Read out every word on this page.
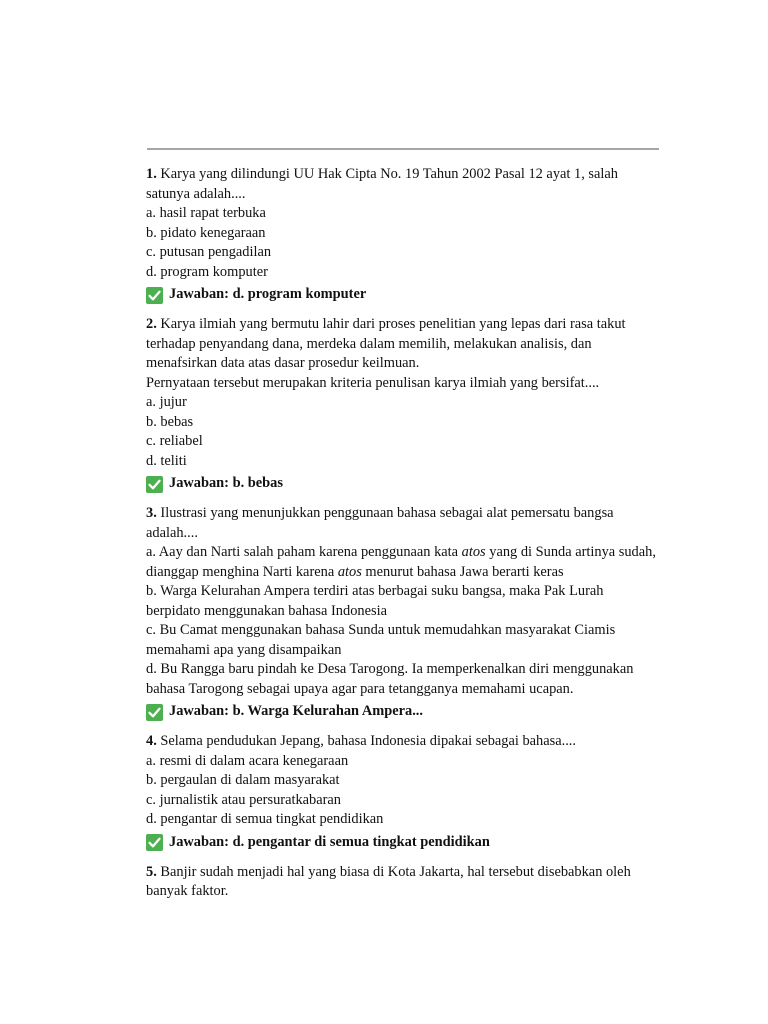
1. Karya yang dilindungi UU Hak Cipta No. 19 Tahun 2002 Pasal 12 ayat 1, salah satunya adalah....
a. hasil rapat terbuka
b. pidato kenegaraan
c. putusan pengadilan
d. program komputer
Jawaban: d. program komputer
2. Karya ilmiah yang bermutu lahir dari proses penelitian yang lepas dari rasa takut terhadap penyandang dana, merdeka dalam memilih, melakukan analisis, dan menafsirkan data atas dasar prosedur keilmuan.
Pernyataan tersebut merupakan kriteria penulisan karya ilmiah yang bersifat....
a. jujur
b. bebas
c. reliabel
d. teliti
Jawaban: b. bebas
3. Ilustrasi yang menunjukkan penggunaan bahasa sebagai alat pemersatu bangsa adalah....
a. Aay dan Narti salah paham karena penggunaan kata atos yang di Sunda artinya sudah, dianggap menghina Narti karena atos menurut bahasa Jawa berarti keras
b. Warga Kelurahan Ampera terdiri atas berbagai suku bangsa, maka Pak Lurah berpidato menggunakan bahasa Indonesia
c. Bu Camat menggunakan bahasa Sunda untuk memudahkan masyarakat Ciamis memahami apa yang disampaikan
d. Bu Rangga baru pindah ke Desa Tarogong. Ia memperkenalkan diri menggunakan bahasa Tarogong sebagai upaya agar para tetangganya memahami ucapan.
Jawaban: b. Warga Kelurahan Ampera...
4. Selama pendudukan Jepang, bahasa Indonesia dipakai sebagai bahasa....
a. resmi di dalam acara kenegaraan
b. pergaulan di dalam masyarakat
c. jurnalistik atau persuratkabaran
d. pengantar di semua tingkat pendidikan
Jawaban: d. pengantar di semua tingkat pendidikan
5. Banjir sudah menjadi hal yang biasa di Kota Jakarta, hal tersebut disebabkan oleh banyak faktor.
